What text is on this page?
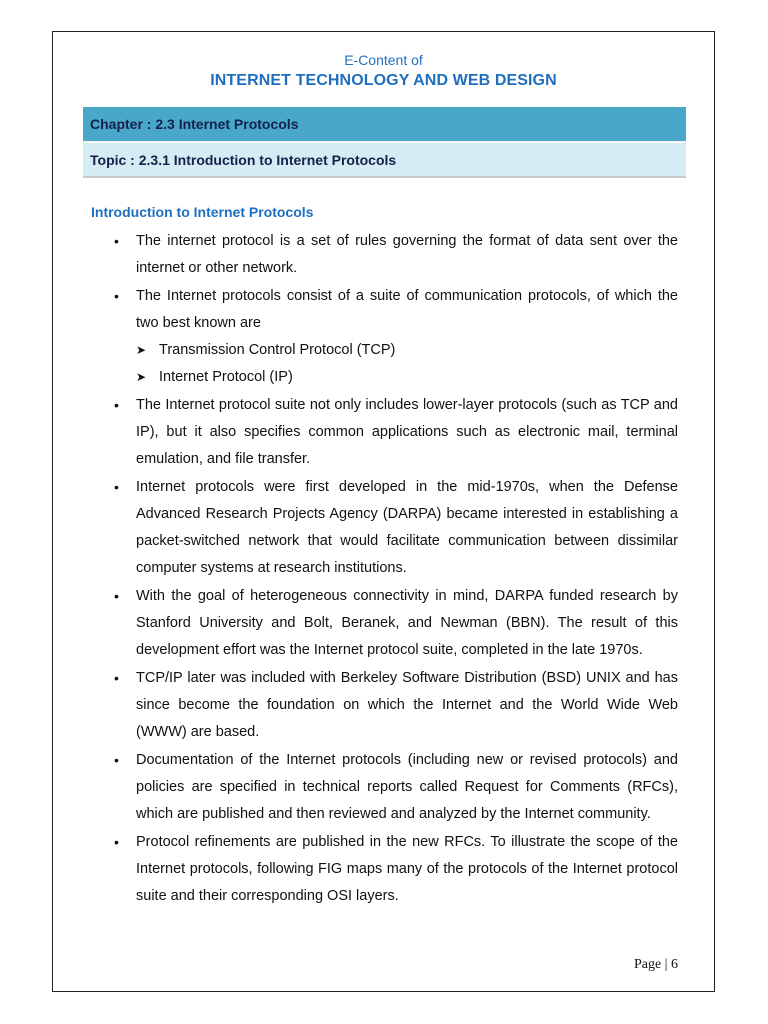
E-Content of
INTERNET TECHNOLOGY AND WEB DESIGN
Chapter : 2.3 Internet Protocols
Topic : 2.3.1 Introduction to Internet Protocols
Introduction to Internet Protocols
• The internet protocol is a set of rules governing the format of data sent over the internet or other network.
• The Internet protocols consist of a suite of communication protocols, of which the two best known are
➤ Transmission Control Protocol (TCP)
➤ Internet Protocol (IP)
• The Internet protocol suite not only includes lower-layer protocols (such as TCP and IP), but it also specifies common applications such as electronic mail, terminal emulation, and file transfer.
• Internet protocols were first developed in the mid-1970s, when the Defense Advanced Research Projects Agency (DARPA) became interested in establishing a packet-switched network that would facilitate communication between dissimilar computer systems at research institutions.
• With the goal of heterogeneous connectivity in mind, DARPA funded research by Stanford University and Bolt, Beranek, and Newman (BBN). The result of this development effort was the Internet protocol suite, completed in the late 1970s.
• TCP/IP later was included with Berkeley Software Distribution (BSD) UNIX and has since become the foundation on which the Internet and the World Wide Web (WWW) are based.
• Documentation of the Internet protocols (including new or revised protocols) and policies are specified in technical reports called Request for Comments (RFCs), which are published and then reviewed and analyzed by the Internet community.
• Protocol refinements are published in the new RFCs. To illustrate the scope of the Internet protocols, following FIG maps many of the protocols of the Internet protocol suite and their corresponding OSI layers.
Page | 6
